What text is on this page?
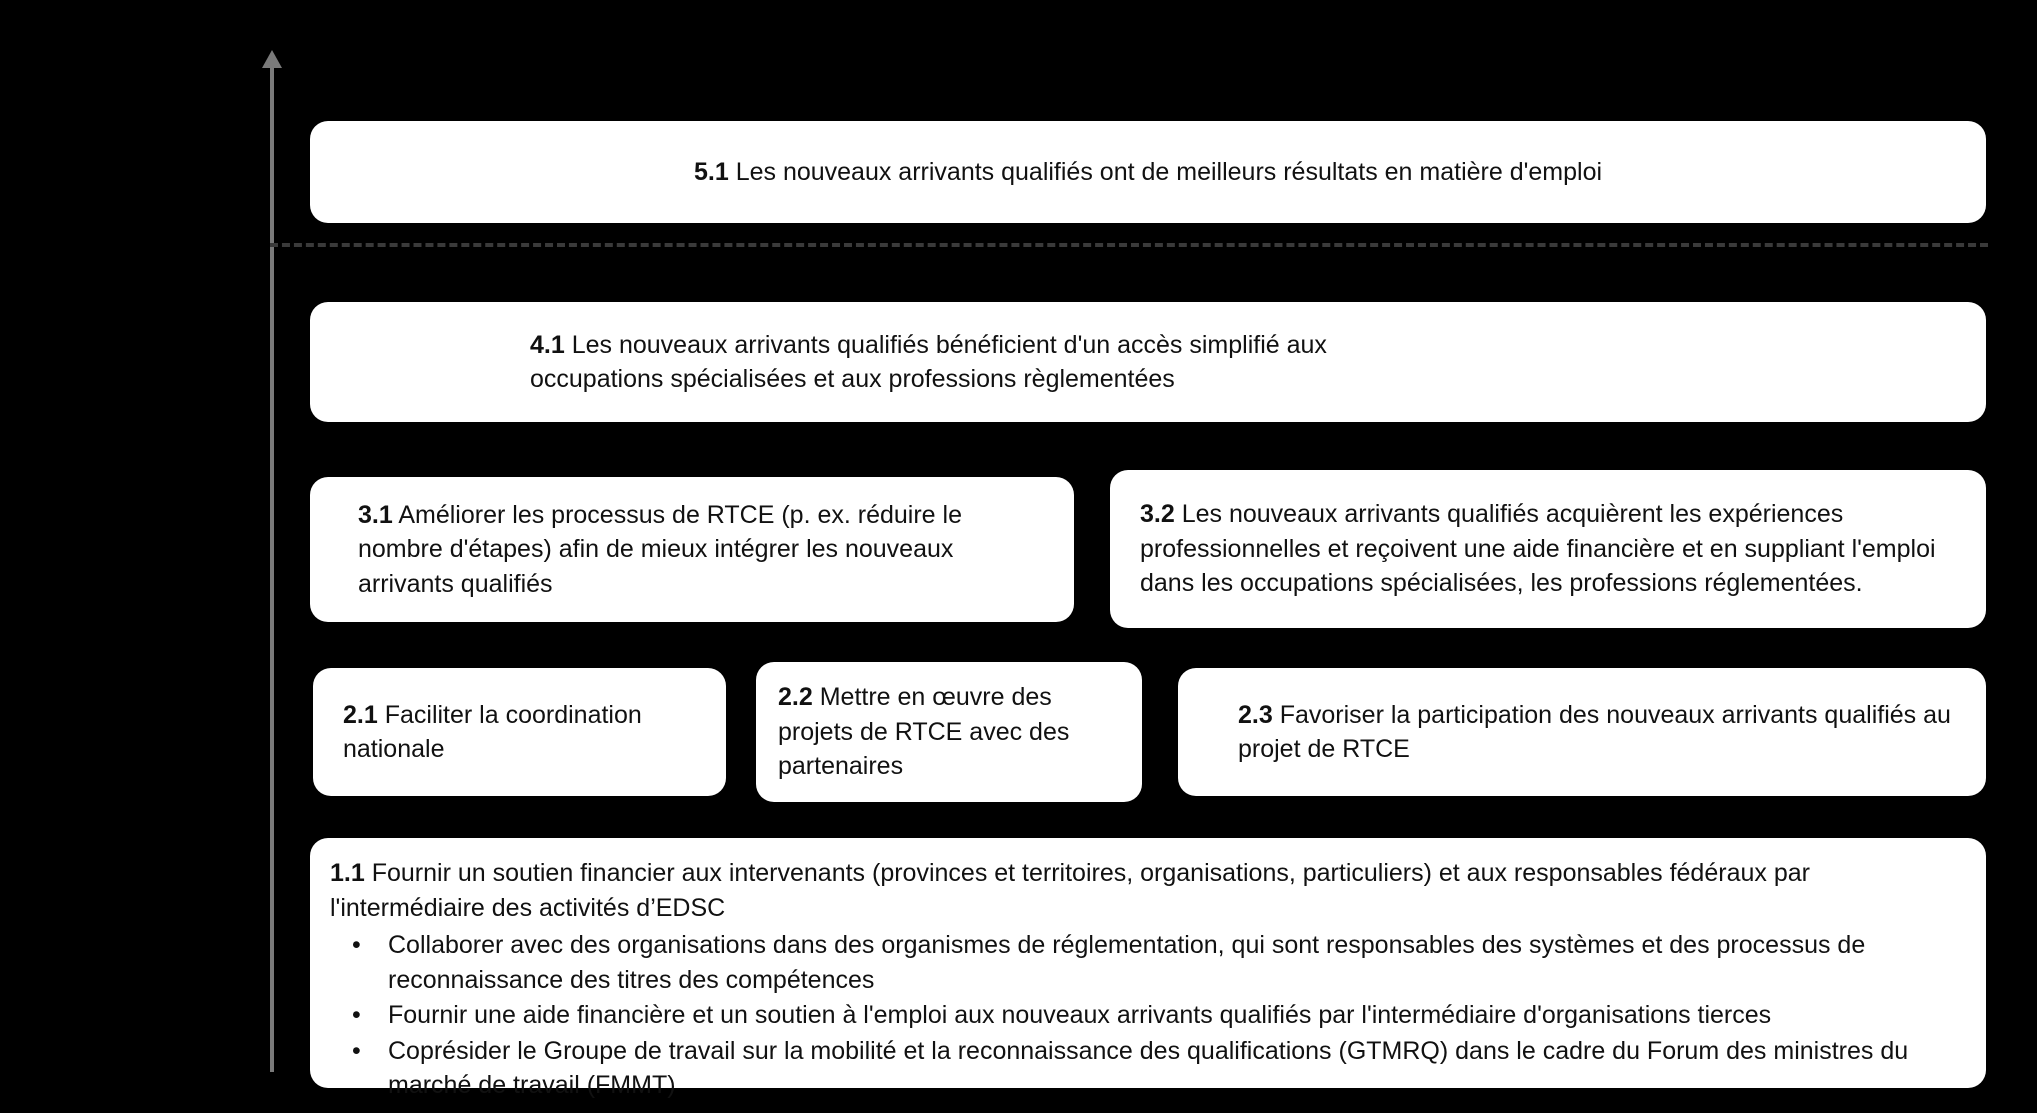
5.1 Les nouveaux arrivants qualifiés ont de meilleurs résultats en matière d'emploi
4.1 Les nouveaux arrivants qualifiés bénéficient d'un accès simplifié aux
occupations spécialisées et aux professions règlementées
3.1 Améliorer les processus de RTCE (p. ex. réduire le nombre d'étapes) afin de mieux intégrer les nouveaux arrivants qualifiés
3.2 Les nouveaux arrivants qualifiés acquièrent les expériences professionnelles et reçoivent une aide financière et en suppliant l'emploi dans les occupations spécialisées, les professions réglementées.
2.1 Faciliter la coordination nationale
2.2 Mettre en œuvre des projets de RTCE avec des partenaires
2.3 Favoriser la participation des nouveaux arrivants qualifiés au projet de RTCE
1.1 Fournir un soutien financier aux intervenants (provinces et territoires, organisations, particuliers) et aux responsables fédéraux par l'intermédiaire des activités d’EDSC
• Collaborer avec des organisations dans des organismes de réglementation, qui sont responsables des systèmes et des processus de reconnaissance des titres des compétences
• Fournir une aide financière et un soutien à l'emploi aux nouveaux arrivants qualifiés par l'intermédiaire d'organisations tierces
• Coprésider le Groupe de travail sur la mobilité et la reconnaissance des qualifications (GTMRQ) dans le cadre du Forum des ministres du marché de travail (FMMT)
